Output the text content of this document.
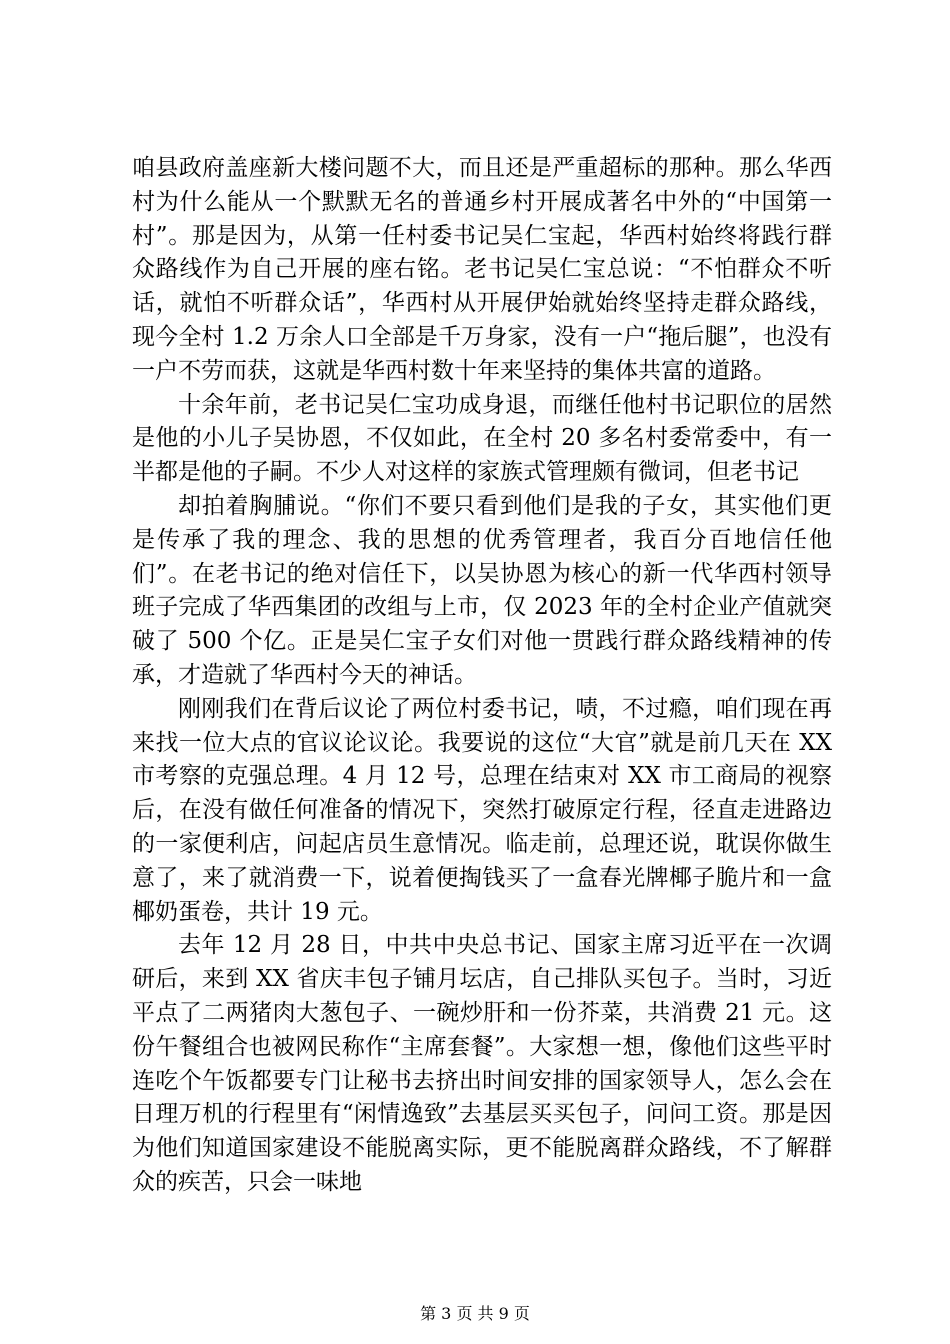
咱县政府盖座新大楼问题不大，而且还是严重超标的那种。那么华西村为什么能从一个默默无名的普通乡村开展成著名中外的“中国第一村”。那是因为，从第一任村委书记吴仁宝起，华西村始终将践行群众路线作为自己开展的座右铭。老书记吴仁宝总说：“不怕群众不听话，就怕不听群众话”，华西村从开展伊始就始终坚持走群众路线，现今全村 1.2 万余人口全部是千万身家，没有一户“拖后腿”，也没有一户不劳而获，这就是华西村数十年来坚持的集体共富的道路。

十余年前，老书记吴仁宝功成身退，而继任他村书记职位的居然是他的小儿子吴协恩，不仅如此，在全村 20 多名村委常委中，有一半都是他的子嗣。不少人对这样的家族式管理颇有微词，但老书记

却拍着胸脯说。“你们不要只看到他们是我的子女，其实他们更是传承了我的理念、我的思想的优秀管理者，我百分百地信任他们”。在老书记的绝对信任下，以吴协恩为核心的新一代华西村领导班子完成了华西集团的改组与上市，仅 2023 年的全村企业产值就突破了 500 个亿。正是吴仁宝子女们对他一贯践行群众路线精神的传承，才造就了华西村今天的神话。

刚刚我们在背后议论了两位村委书记，啧，不过瘾，咱们现在再来找一位大点的官议论议论。我要说的这位“大官”就是前几天在 XX 市考察的克强总理。4 月 12 号，总理在结束对 XX 市工商局的视察后，在没有做任何准备的情况下，突然打破原定行程，径直走进路边的一家便利店，问起店员生意情况。临走前，总理还说，耽误你做生意了，来了就消费一下，说着便掏钱买了一盒春光牌椰子脆片和一盒椰奶蛋卷，共计 19 元。

去年 12 月 28 日，中共中央总书记、国家主席习近平在一次调研后，来到 XX 省庆丰包子铺月坛店，自己排队买包子。当时，习近平点了二两猪肉大葱包子、一碗炒肝和一份芥菜，共消费 21 元。这份午餐组合也被网民称作“主席套餐”。大家想一想，像他们这些平时连吃个午饭都要专门让秘书去挤出时间安排的国家领导人，怎么会在日理万机的行程里有“闲情逸致”去基层买买包子，问问工资。那是因为他们知道国家建设不能脱离实际，更不能脱离群众路线，不了解群众的疾苦，只会一味地

第 3 页 共 9 页
